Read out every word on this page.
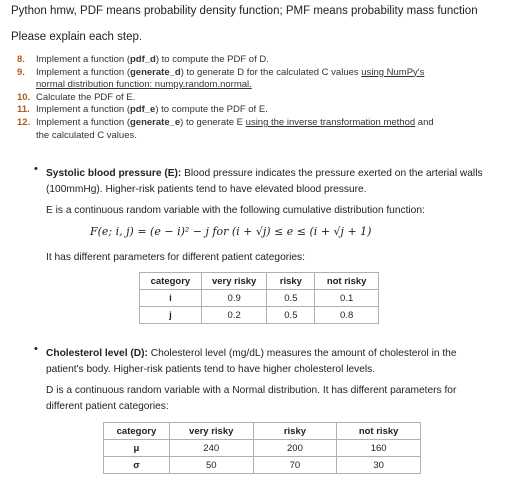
Python hmw, PDF means probability density function; PMF means probability mass function
Please explain each step.
8. Implement a function (pdf_d) to compute the PDF of D.
9. Implement a function (generate_d) to generate D for the calculated C values using NumPy's
normal distribution function: numpy.random.normal.
10. Calculate the PDF of E.
11. Implement a function (pdf_e) to compute the PDF of E.
12. Implement a function (generate_e) to generate E using the inverse transformation method and
the calculated C values.
• Systolic blood pressure (E): Blood pressure indicates the pressure exerted on the arterial walls
(100mmHg). Higher-risk patients tend to have elevated blood pressure.
E is a continuous random variable with the following cumulative distribution function:
F(e; i, j) = (e − i)² − j for (i + √j) ≤ e ≤ (i + √j + 1)
It has different parameters for different patient categories:
category	very risky	risky	not risky
i	0.9	0.5	0.1
j	0.2	0.5	0.8
• Cholesterol level (D): Cholesterol level (mg/dL) measures the amount of cholesterol in the
patient's body. Higher-risk patients tend to have higher cholesterol levels.
D is a continuous random variable with a Normal distribution. It has different parameters for
different patient categories:
category	very risky	risky	not risky
μ	240	200	160
σ	50	70	30
